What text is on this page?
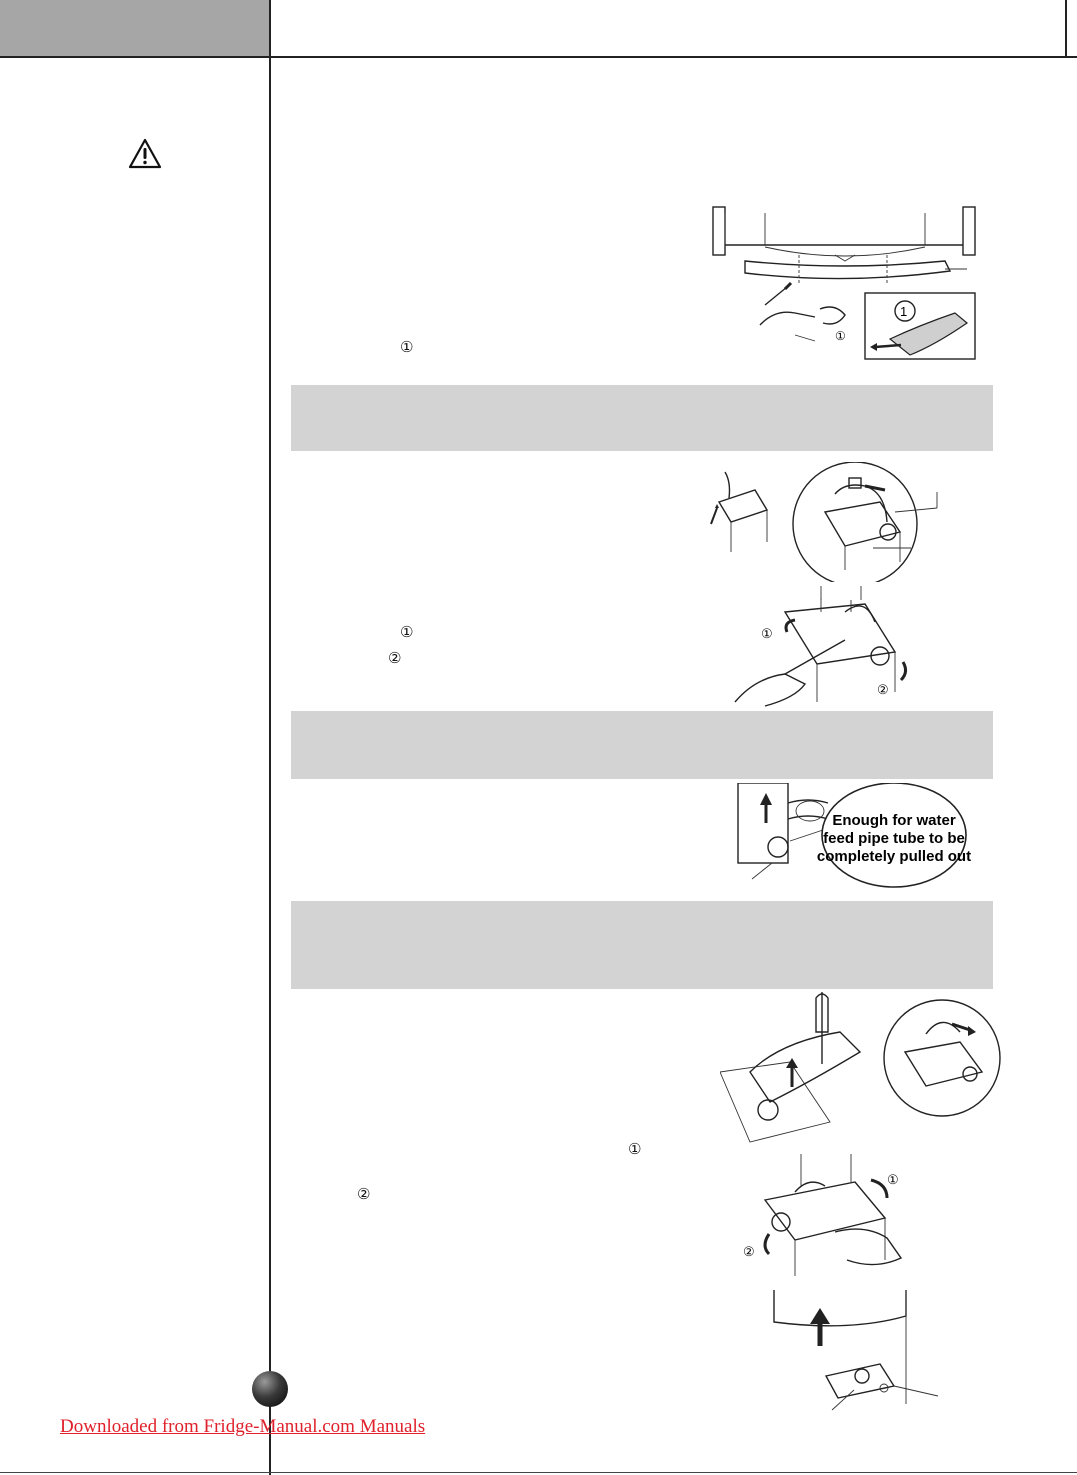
①
①
②
①
②
①
1
①
②
Enough for water
feed pipe tube to be
completely pulled out
①
②
Downloaded from Fridge-Manual.com Manuals
